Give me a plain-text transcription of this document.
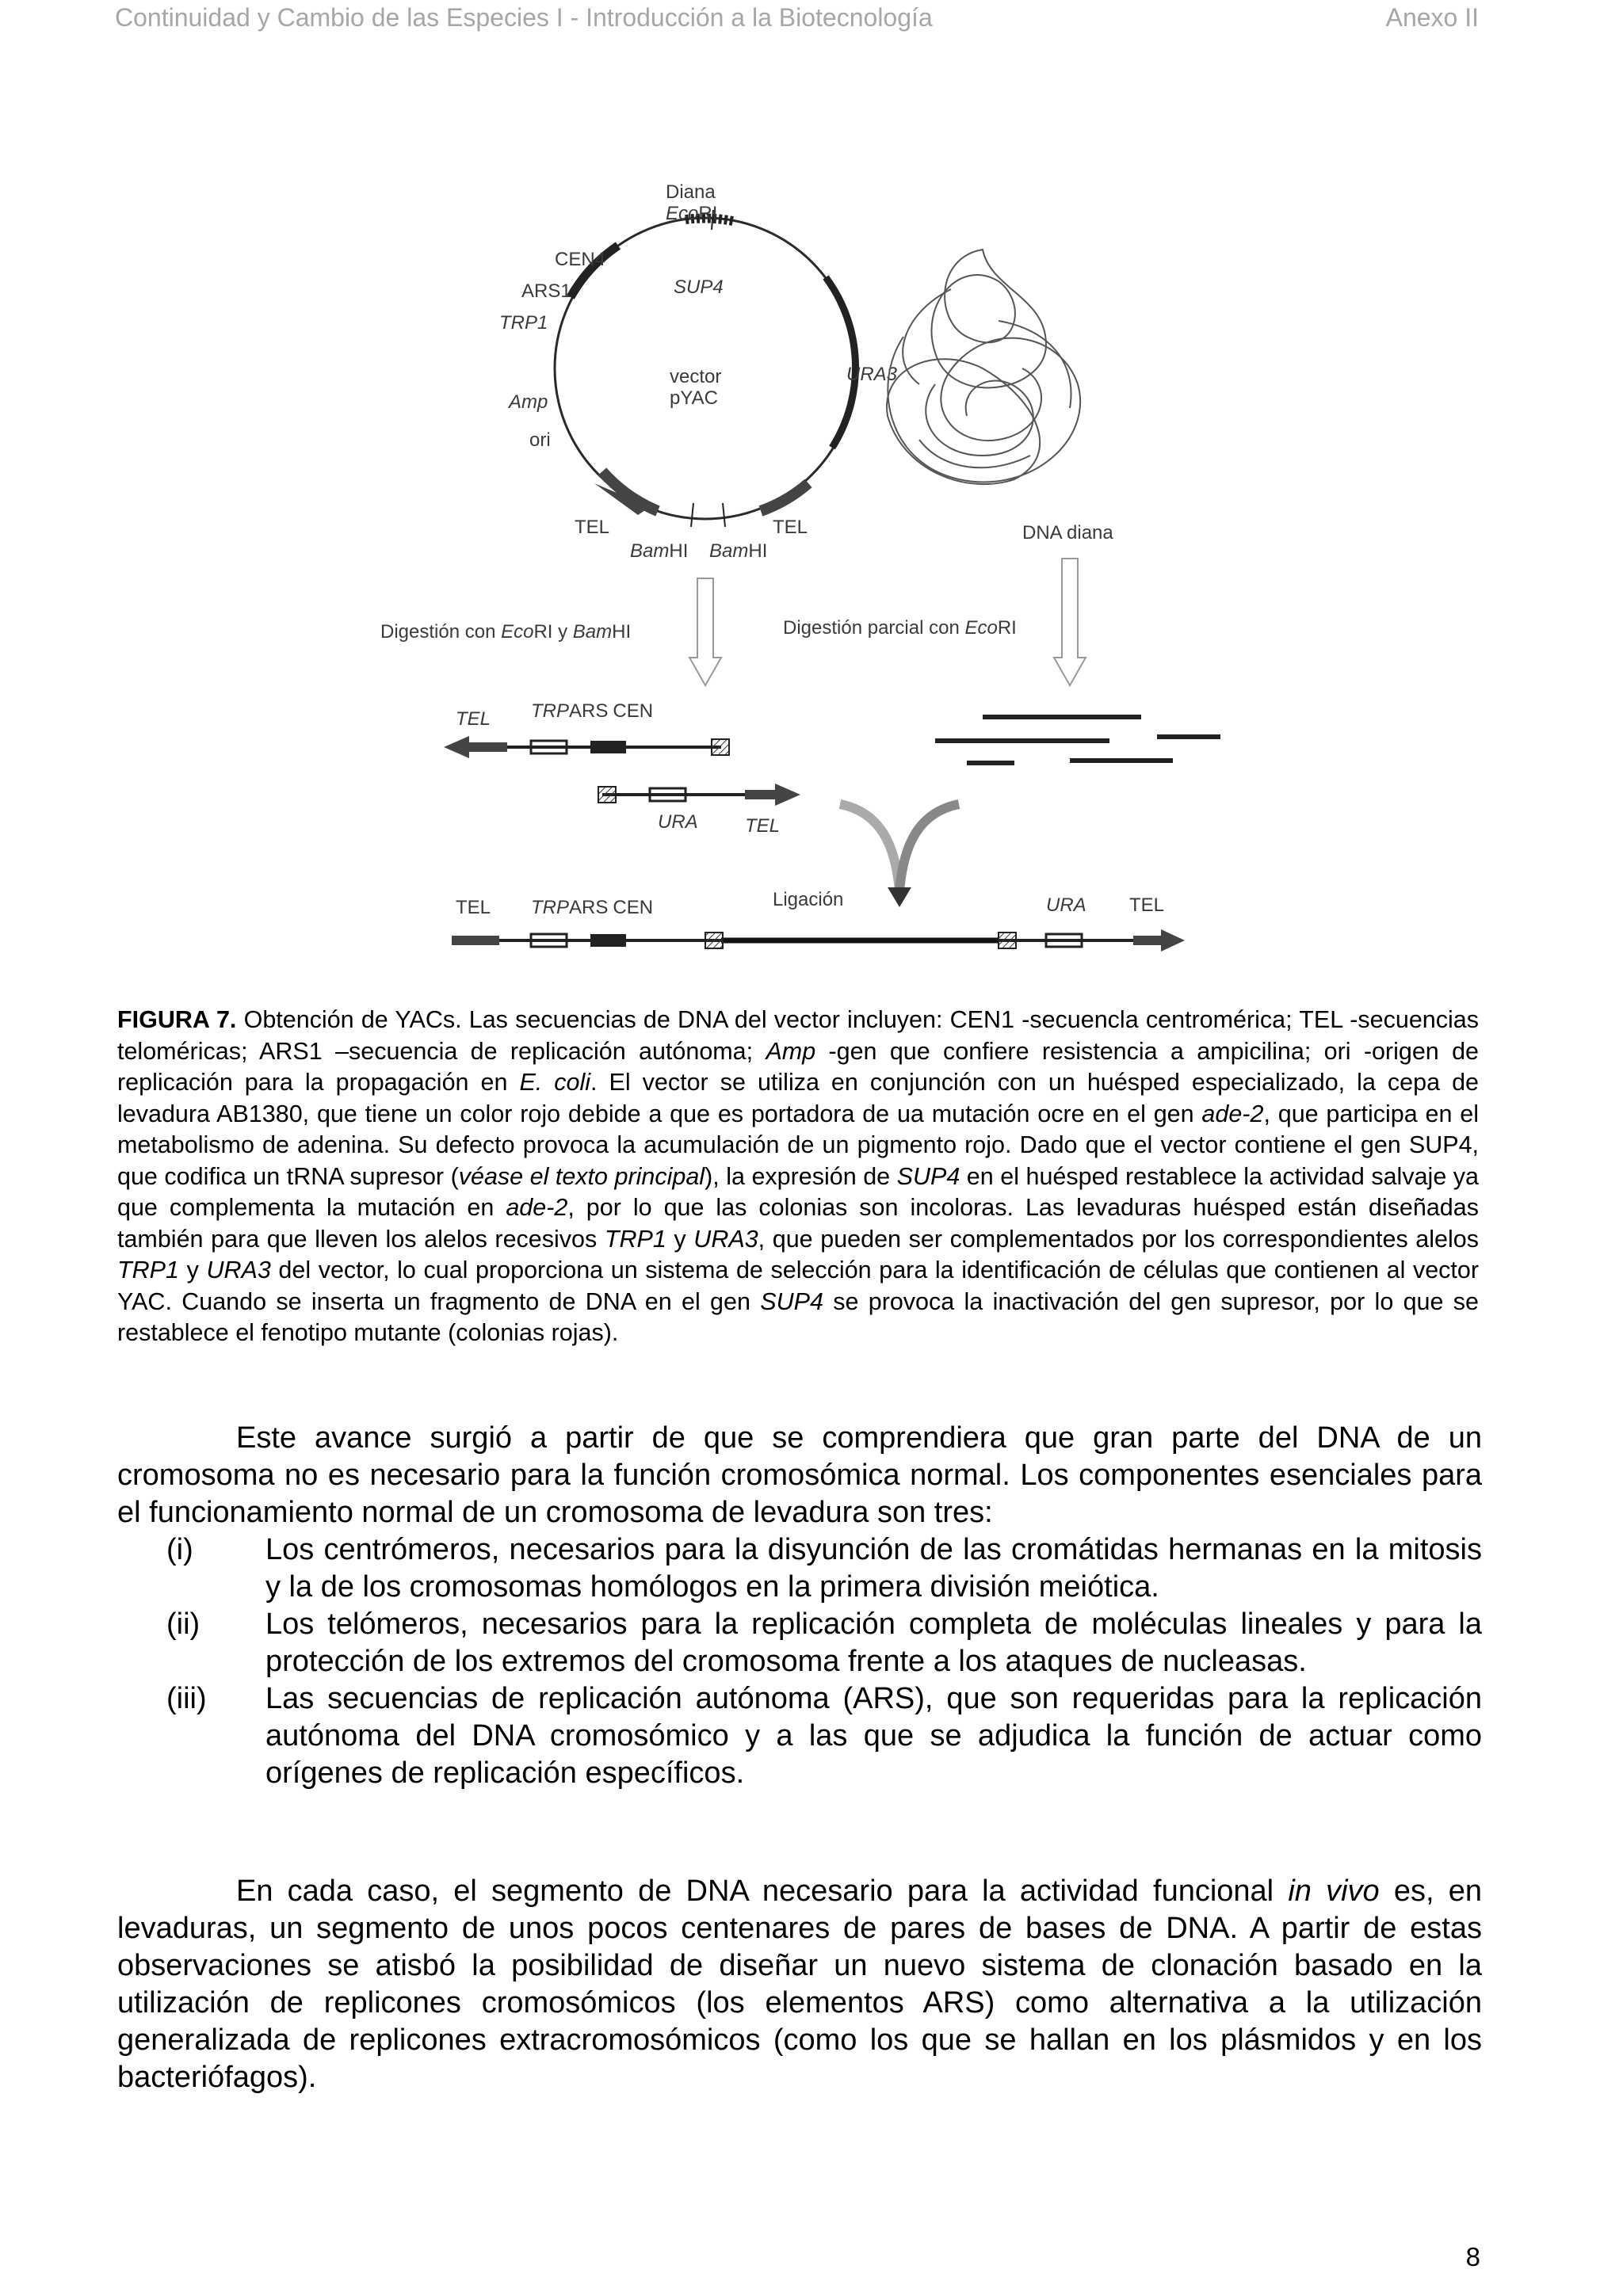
Continuidad y Cambio de las Especies I - Introducción a la Biotecnología	Anexo II
Diana
EcoRI
CEN4
ARS1
TRP1
Amp
ori
SUP4
vector
pYAC
URA3
TEL	TEL
BamHI BamHI
DNA diana
Digestión con EcoRI y BamHI	Digestión parcial con EcoRI
TEL TRPARS CEN
URA TEL
Ligación
TEL TRPARS CEN	URA TEL
FIGURA 7. Obtención de YACs. Las secuencias de DNA del vector incluyen: CEN1 -secuencla centromérica; TEL -secuencias teloméricas; ARS1 –secuencia de replicación autónoma; Amp -gen que confiere resistencia a ampicilina; ori -origen de replicación para la propagación en E. coli. El vector se utiliza en conjunción con un huésped especializado, la cepa de levadura AB1380, que tiene un color rojo debide a que es portadora de ua mutación ocre en el gen ade-2, que participa en el metabolismo de adenina. Su defecto provoca la acumulación de un pigmento rojo. Dado que el vector contiene el gen SUP4, que codifica un tRNA supresor (véase el texto principal), la expresión de SUP4 en el huésped restablece la actividad salvaje ya que complementa la mutación en ade-2, por lo que las colonias son incoloras. Las levaduras huésped están diseñadas también para que lleven los alelos recesivos TRP1 y URA3, que pueden ser complementados por los correspondientes alelos TRP1 y URA3 del vector, lo cual proporciona un sistema de selección para la identificación de células que contienen al vector YAC. Cuando se inserta un fragmento de DNA en el gen SUP4 se provoca la inactivación del gen supresor, por lo que se restablece el fenotipo mutante (colonias rojas).
Este avance surgió a partir de que se comprendiera que gran parte del DNA de un cromosoma no es necesario para la función cromosómica normal. Los componentes esenciales para el funcionamiento normal de un cromosoma de levadura son tres:
(i) Los centrómeros, necesarios para la disyunción de las cromátidas hermanas en la mitosis y la de los cromosomas homólogos en la primera división meiótica.
(ii) Los telómeros, necesarios para la replicación completa de moléculas lineales y para la protección de los extremos del cromosoma frente a los ataques de nucleasas.
(iii) Las secuencias de replicación autónoma (ARS), que son requeridas para la replicación autónoma del DNA cromosómico y a las que se adjudica la función de actuar como orígenes de replicación específicos.
En cada caso, el segmento de DNA necesario para la actividad funcional in vivo es, en levaduras, un segmento de unos pocos centenares de pares de bases de DNA. A partir de estas observaciones se atisbó la posibilidad de diseñar un nuevo sistema de clonación basado en la utilización de replicones cromosómicos (los elementos ARS) como alternativa a la utilización generalizada de replicones extracromosómicos (como los que se hallan en los plásmidos y en los bacteriófagos).
8
